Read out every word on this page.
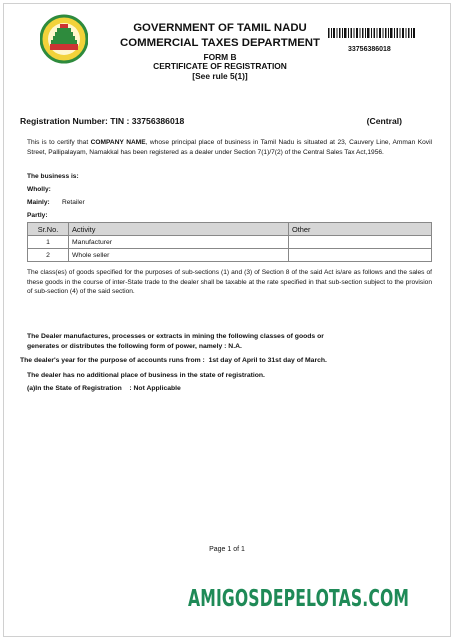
GOVERNMENT OF TAMIL NADU
COMMERCIAL TAXES DEPARTMENT
FORM B
CERTIFICATE OF REGISTRATION
[See rule 5(1)]
33756386018
Registration Number: TIN : 33756386018	(Central)
This is to certify that COMPANY NAME, whose principal place of business in Tamil Nadu is situated at 23, Cauvery Line, Amman Kovil Street, Pallipalayam, Namakkal has been registered as a dealer under Section 7(1)/7(2) of the Central Sales Tax Act,1956.
The business is:
Wholly:
Mainly: Retailer
Partly:
Sr.No.	Activity	Other
1	Manufacturer	
2	Whole seller	
The class(es) of goods specified for the purposes of sub-sections (1) and (3) of Section 8 of the said Act is/are as follows and the sales of these goods in the course of inter-State trade to the dealer shall be taxable at the rate specified in that sub-section subject to the provision of sub-section (4) of the said section.
The Dealer manufactures, processes or extracts in mining the following classes of goods or
generates or distributes the following form of power, namely : N.A.
The dealer's year for the purpose of accounts runs from : 1st day of April to 31st day of March.
The dealer has no additional place of business in the state of registration.
(a)In the State of Registration : Not Applicable
Page 1 of 1
AMIGOSDEPELOTAS.COM
